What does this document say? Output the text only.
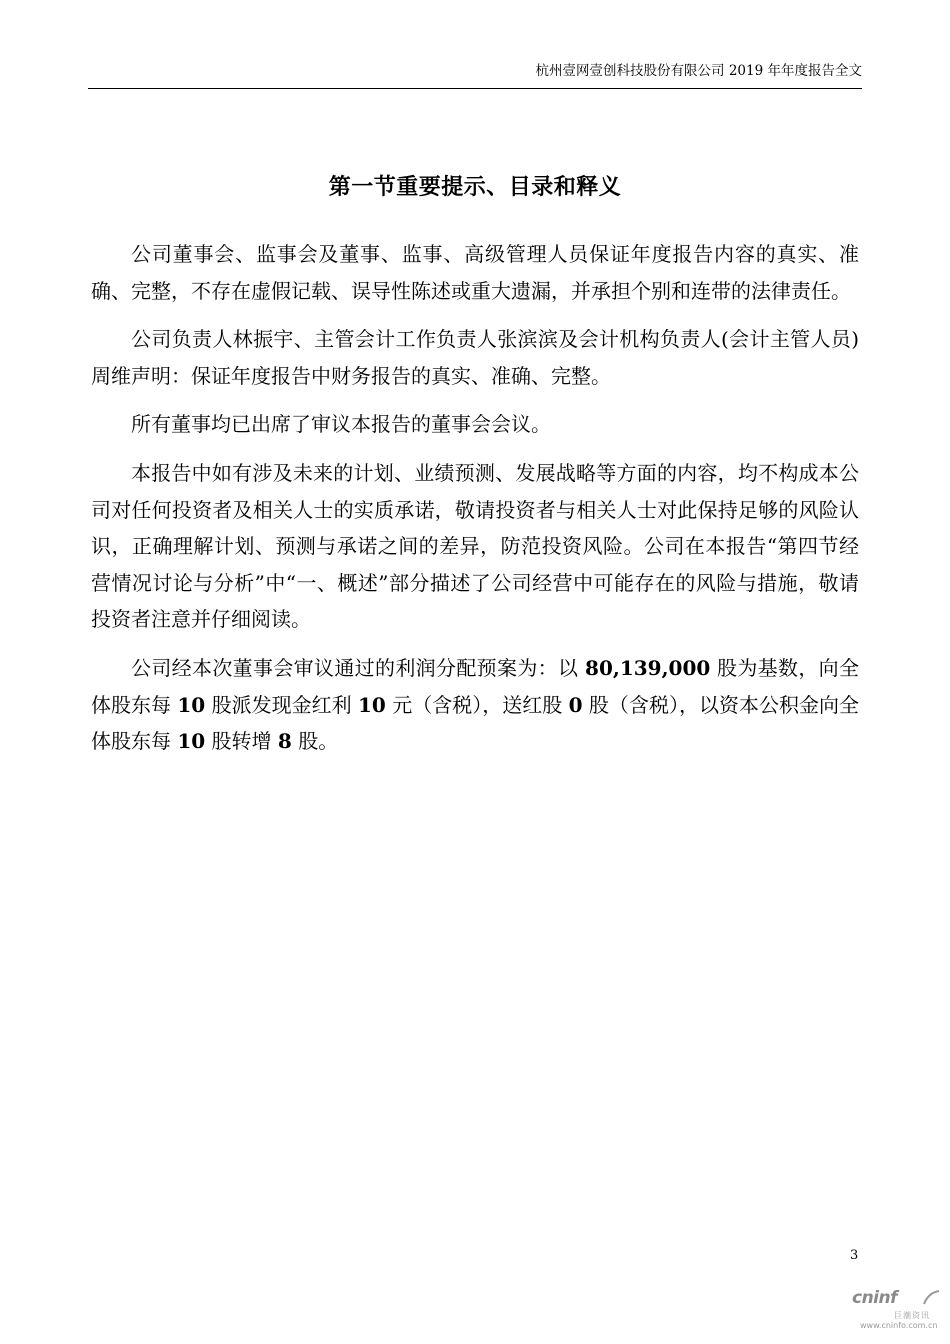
杭州壹网壹创科技股份有限公司 2019 年年度报告全文
第一节重要提示、目录和释义

公司董事会、监事会及董事、监事、高级管理人员保证年度报告内容的真实、准确、完整，不存在虚假记载、误导性陈述或重大遗漏，并承担个别和连带的法律责任。

公司负责人林振宇、主管会计工作负责人张滨滨及会计机构负责人(会计主管人员)周维声明：保证年度报告中财务报告的真实、准确、完整。

所有董事均已出席了审议本报告的董事会会议。

本报告中如有涉及未来的计划、业绩预测、发展战略等方面的内容，均不构成本公司对任何投资者及相关人士的实质承诺，敬请投资者与相关人士对此保持足够的风险认识，正确理解计划、预测与承诺之间的差异，防范投资风险。公司在本报告“第四节经营情况讨论与分析”中“一、概述”部分描述了公司经营中可能存在的风险与措施，敬请投资者注意并仔细阅读。

公司经本次董事会审议通过的利润分配预案为：以 80,139,000 股为基数，向全体股东每 10 股派发现金红利 10 元（含税），送红股 0 股（含税），以资本公积金向全体股东每 10 股转增 8 股。

3
cninf
巨潮资讯
www.cninfo.com.cn
